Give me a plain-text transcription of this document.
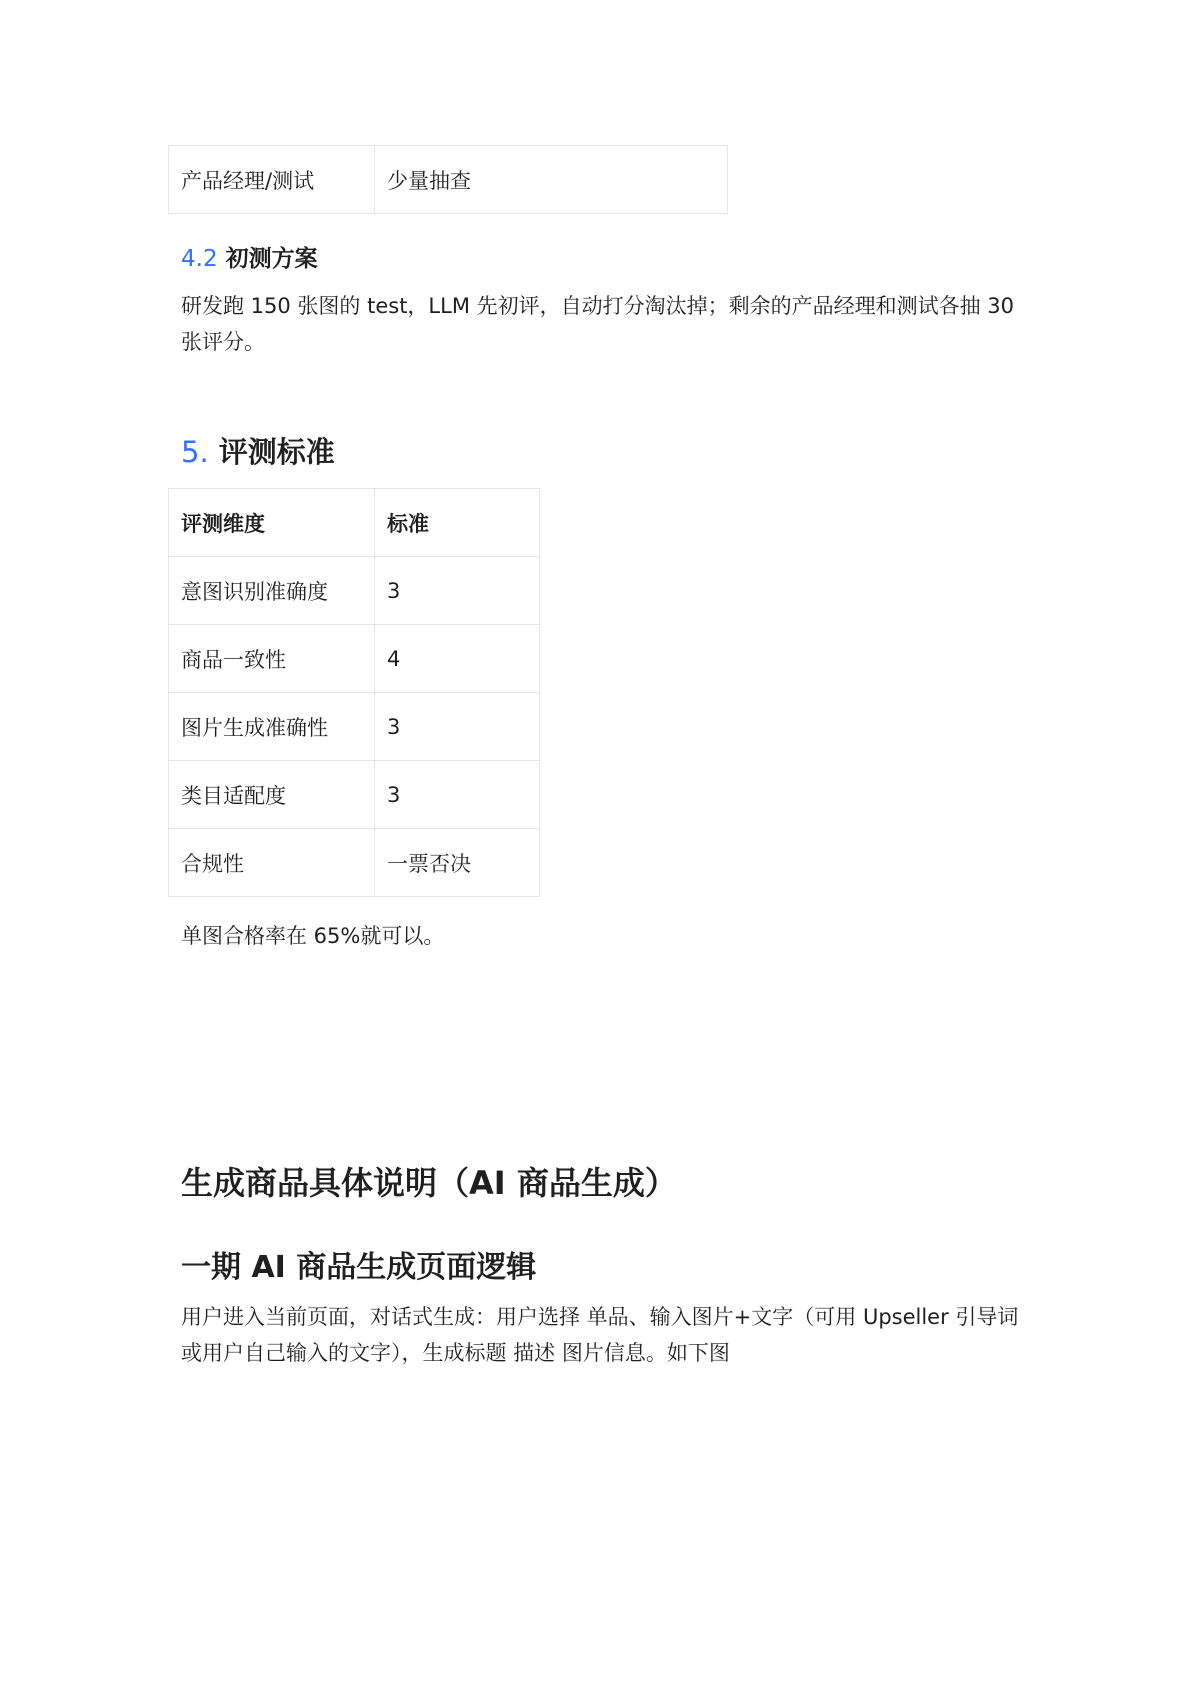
产品经理/测试	少量抽查
4.2 初测方案
研发跑 150 张图的 test，LLM 先初评，自动打分淘汰掉；剩余的产品经理和测试各抽 30 张评分。
5. 评测标准
评测维度	标准
意图识别准确度	3
商品一致性	4
图片生成准确性	3
类目适配度	3
合规性	一票否决
单图合格率在 65%就可以。
生成商品具体说明（AI 商品生成）
一期 AI 商品生成页面逻辑
用户进入当前页面，对话式生成：用户选择 单品、输入图片+文字（可用 Upseller 引导词或用户自己输入的文字），生成标题 描述 图片信息。如下图
